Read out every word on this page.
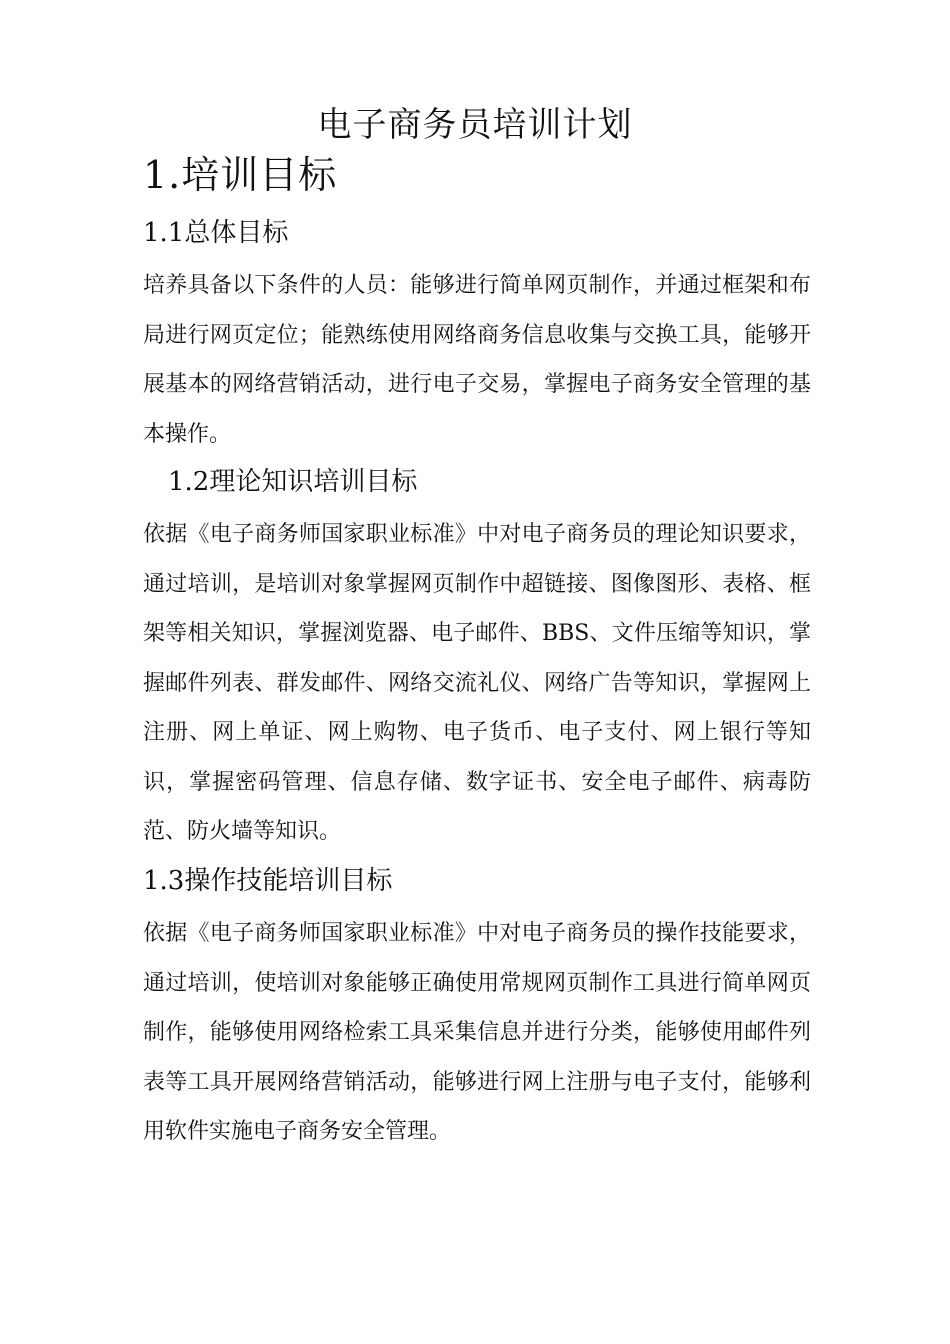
电子商务员培训计划
1.培训目标
1.1总体目标

培养具备以下条件的人员：能够进行简单网页制作，并通过框架和布局进行网页定位；能熟练使用网络商务信息收集与交换工具，能够开展基本的网络营销活动，进行电子交易，掌握电子商务安全管理的基本操作。

1.2理论知识培训目标

依据《电子商务师国家职业标准》中对电子商务员的理论知识要求，通过培训，是培训对象掌握网页制作中超链接、图像图形、表格、框架等相关知识，掌握浏览器、电子邮件、BBS、文件压缩等知识，掌握邮件列表、群发邮件、网络交流礼仪、网络广告等知识，掌握网上注册、网上单证、网上购物、电子货币、电子支付、网上银行等知识，掌握密码管理、信息存储、数字证书、安全电子邮件、病毒防范、防火墙等知识。

1.3操作技能培训目标

依据《电子商务师国家职业标准》中对电子商务员的操作技能要求，通过培训，使培训对象能够正确使用常规网页制作工具进行简单网页制作，能够使用网络检索工具采集信息并进行分类，能够使用邮件列表等工具开展网络营销活动，能够进行网上注册与电子支付，能够利用软件实施电子商务安全管理。
